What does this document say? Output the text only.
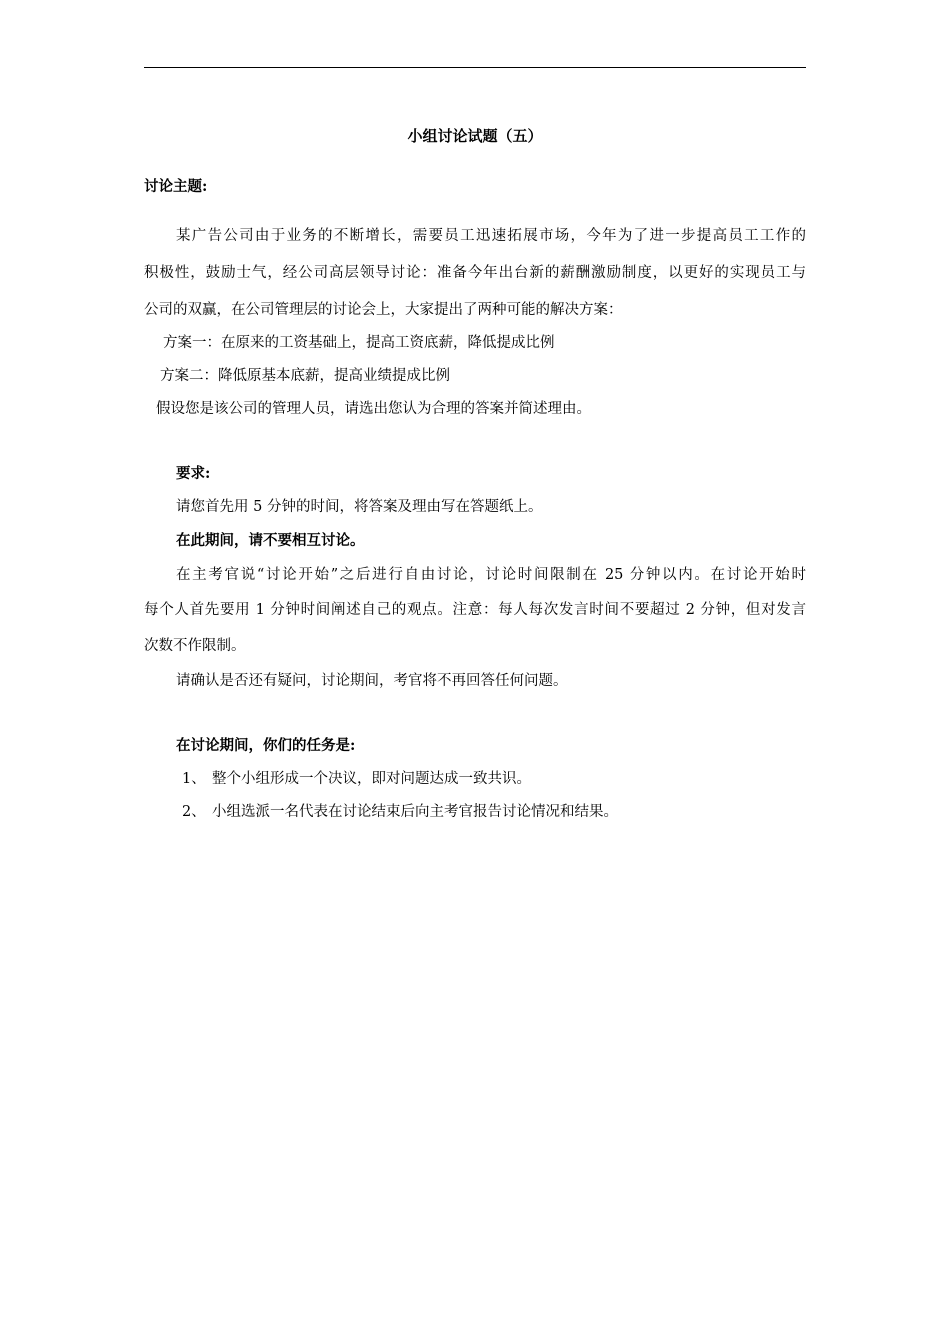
小组讨论试题（五）
讨论主题:
某广告公司由于业务的不断增长，需要员工迅速拓展市场，今年为了进一步提高员工工作的
积极性，鼓励士气，经公司高层领导讨论：准备今年出台新的薪酬激励制度，以更好的实现员工与
公司的双赢，在公司管理层的讨论会上，大家提出了两种可能的解决方案：
方案一：在原来的工资基础上，提高工资底薪，降低提成比例
方案二：降低原基本底薪，提高业绩提成比例
假设您是该公司的管理人员，请选出您认为合理的答案并简述理由。
要求:
请您首先用 5 分钟的时间，将答案及理由写在答题纸上。
在此期间，请不要相互讨论。
在主考官说“讨论开始”之后进行自由讨论，讨论时间限制在 25 分钟以内。在讨论开始时
每个人首先要用 1 分钟时间阐述自己的观点。注意：每人每次发言时间不要超过 2 分钟，但对发言
次数不作限制。
请确认是否还有疑问，讨论期间，考官将不再回答任何问题。
在讨论期间，你们的任务是:
1、 整个小组形成一个决议，即对问题达成一致共识。
2、 小组选派一名代表在讨论结束后向主考官报告讨论情况和结果。
